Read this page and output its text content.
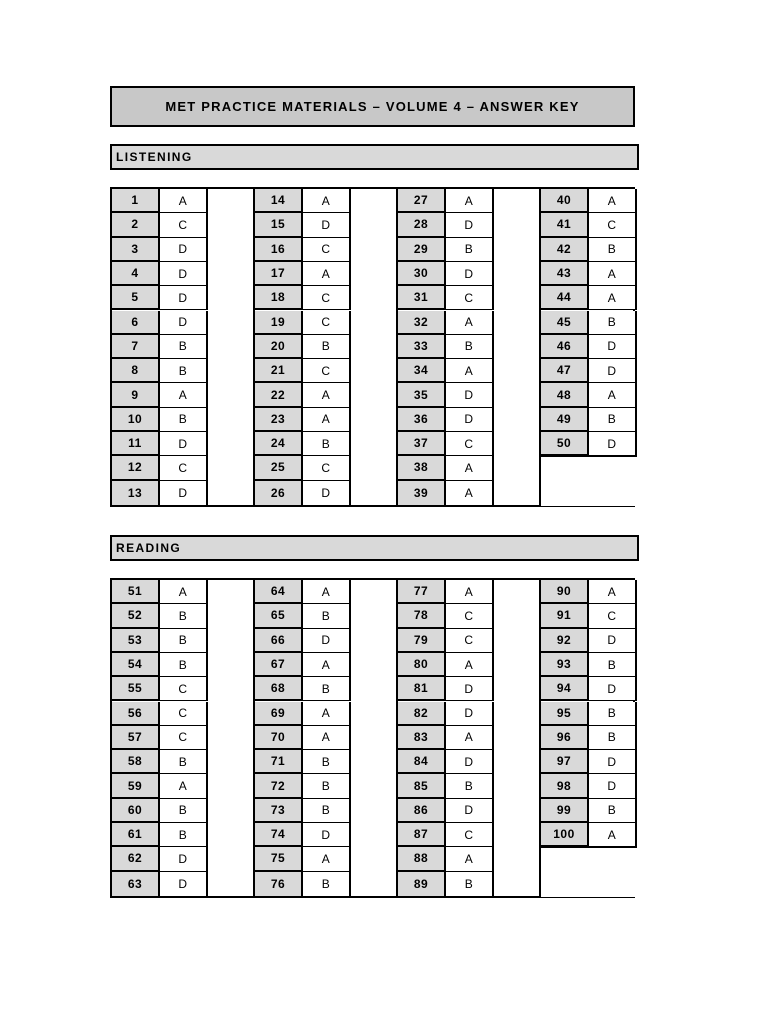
MET PRACTICE MATERIALS – VOLUME 4 – ANSWER KEY
LISTENING
1	A
2	C
3	D
4	D
5	D
6	D
7	B
8	B
9	A
10	B
11	D
12	C
13	D
14	A
15	D
16	C
17	A
18	C
19	C
20	B
21	C
22	A
23	A
24	B
25	C
26	D
27	A
28	D
29	B
30	D
31	C
32	A
33	B
34	A
35	D
36	D
37	C
38	A
39	A
40	A
41	C
42	B
43	A
44	A
45	B
46	D
47	D
48	A
49	B
50	D
READING
51	A
52	B
53	B
54	B
55	C
56	C
57	C
58	B
59	A
60	B
61	B
62	D
63	D
64	A
65	B
66	D
67	A
68	B
69	A
70	A
71	B
72	B
73	B
74	D
75	A
76	B
77	A
78	C
79	C
80	A
81	D
82	D
83	A
84	D
85	B
86	D
87	C
88	A
89	B
90	A
91	C
92	D
93	B
94	D
95	B
96	B
97	D
98	D
99	B
100	A
